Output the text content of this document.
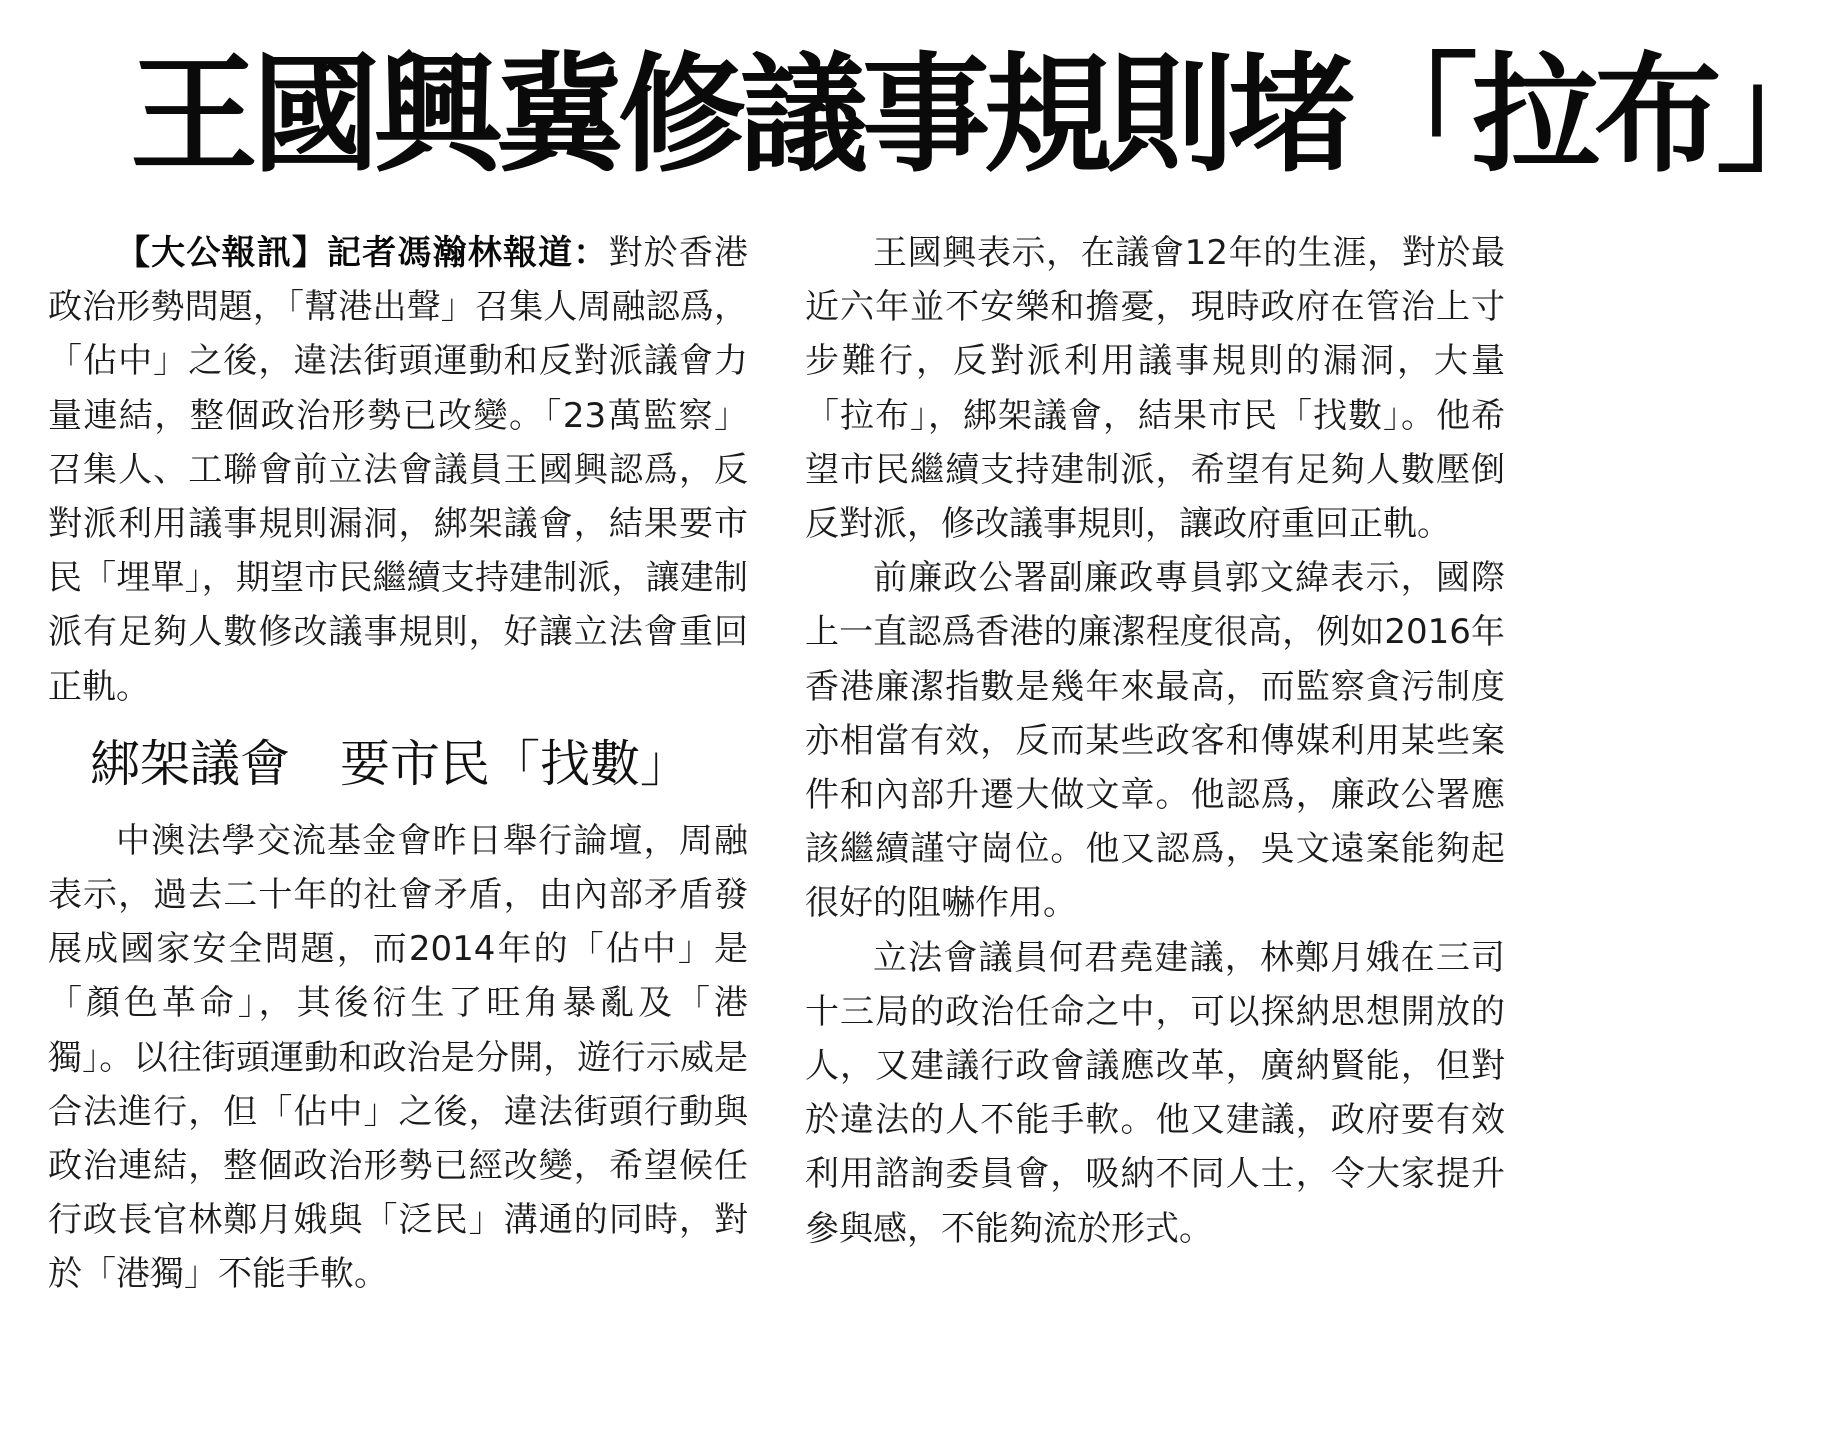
王國興冀修議事規則堵「拉布」

【大公報訊】記者馮瀚林報道：對於香港政治形勢問題，「幫港出聲」召集人周融認爲，「佔中」之後，違法街頭運動和反對派議會力量連結，整個政治形勢已改變。「23萬監察」召集人、工聯會前立法會議員王國興認爲，反對派利用議事規則漏洞，綁架議會，結果要市民「埋單」，期望市民繼續支持建制派，讓建制派有足夠人數修改議事規則，好讓立法會重回正軌。

綁架議會　要市民「找數」

中澳法學交流基金會昨日舉行論壇，周融表示，過去二十年的社會矛盾，由內部矛盾發展成國家安全問題，而2014年的「佔中」是「顏色革命」，其後衍生了旺角暴亂及「港獨」。以往街頭運動和政治是分開，遊行示威是合法進行，但「佔中」之後，違法街頭行動與政治連結，整個政治形勢已經改變，希望候任行政長官林鄭月娥與「泛民」溝通的同時，對於「港獨」不能手軟。

王國興表示，在議會12年的生涯，對於最近六年並不安樂和擔憂，現時政府在管治上寸步難行，反對派利用議事規則的漏洞，大量「拉布」，綁架議會，結果市民「找數」。他希望市民繼續支持建制派，希望有足夠人數壓倒反對派，修改議事規則，讓政府重回正軌。

前廉政公署副廉政專員郭文緯表示，國際上一直認爲香港的廉潔程度很高，例如2016年香港廉潔指數是幾年來最高，而監察貪污制度亦相當有效，反而某些政客和傳媒利用某些案件和內部升遷大做文章。他認爲，廉政公署應該繼續謹守崗位。他又認爲，吳文遠案能夠起很好的阻嚇作用。

立法會議員何君堯建議，林鄭月娥在三司十三局的政治任命之中，可以探納思想開放的人，又建議行政會議應改革，廣納賢能，但對於違法的人不能手軟。他又建議，政府要有效利用諮詢委員會，吸納不同人士，令大家提升參與感，不能夠流於形式。
